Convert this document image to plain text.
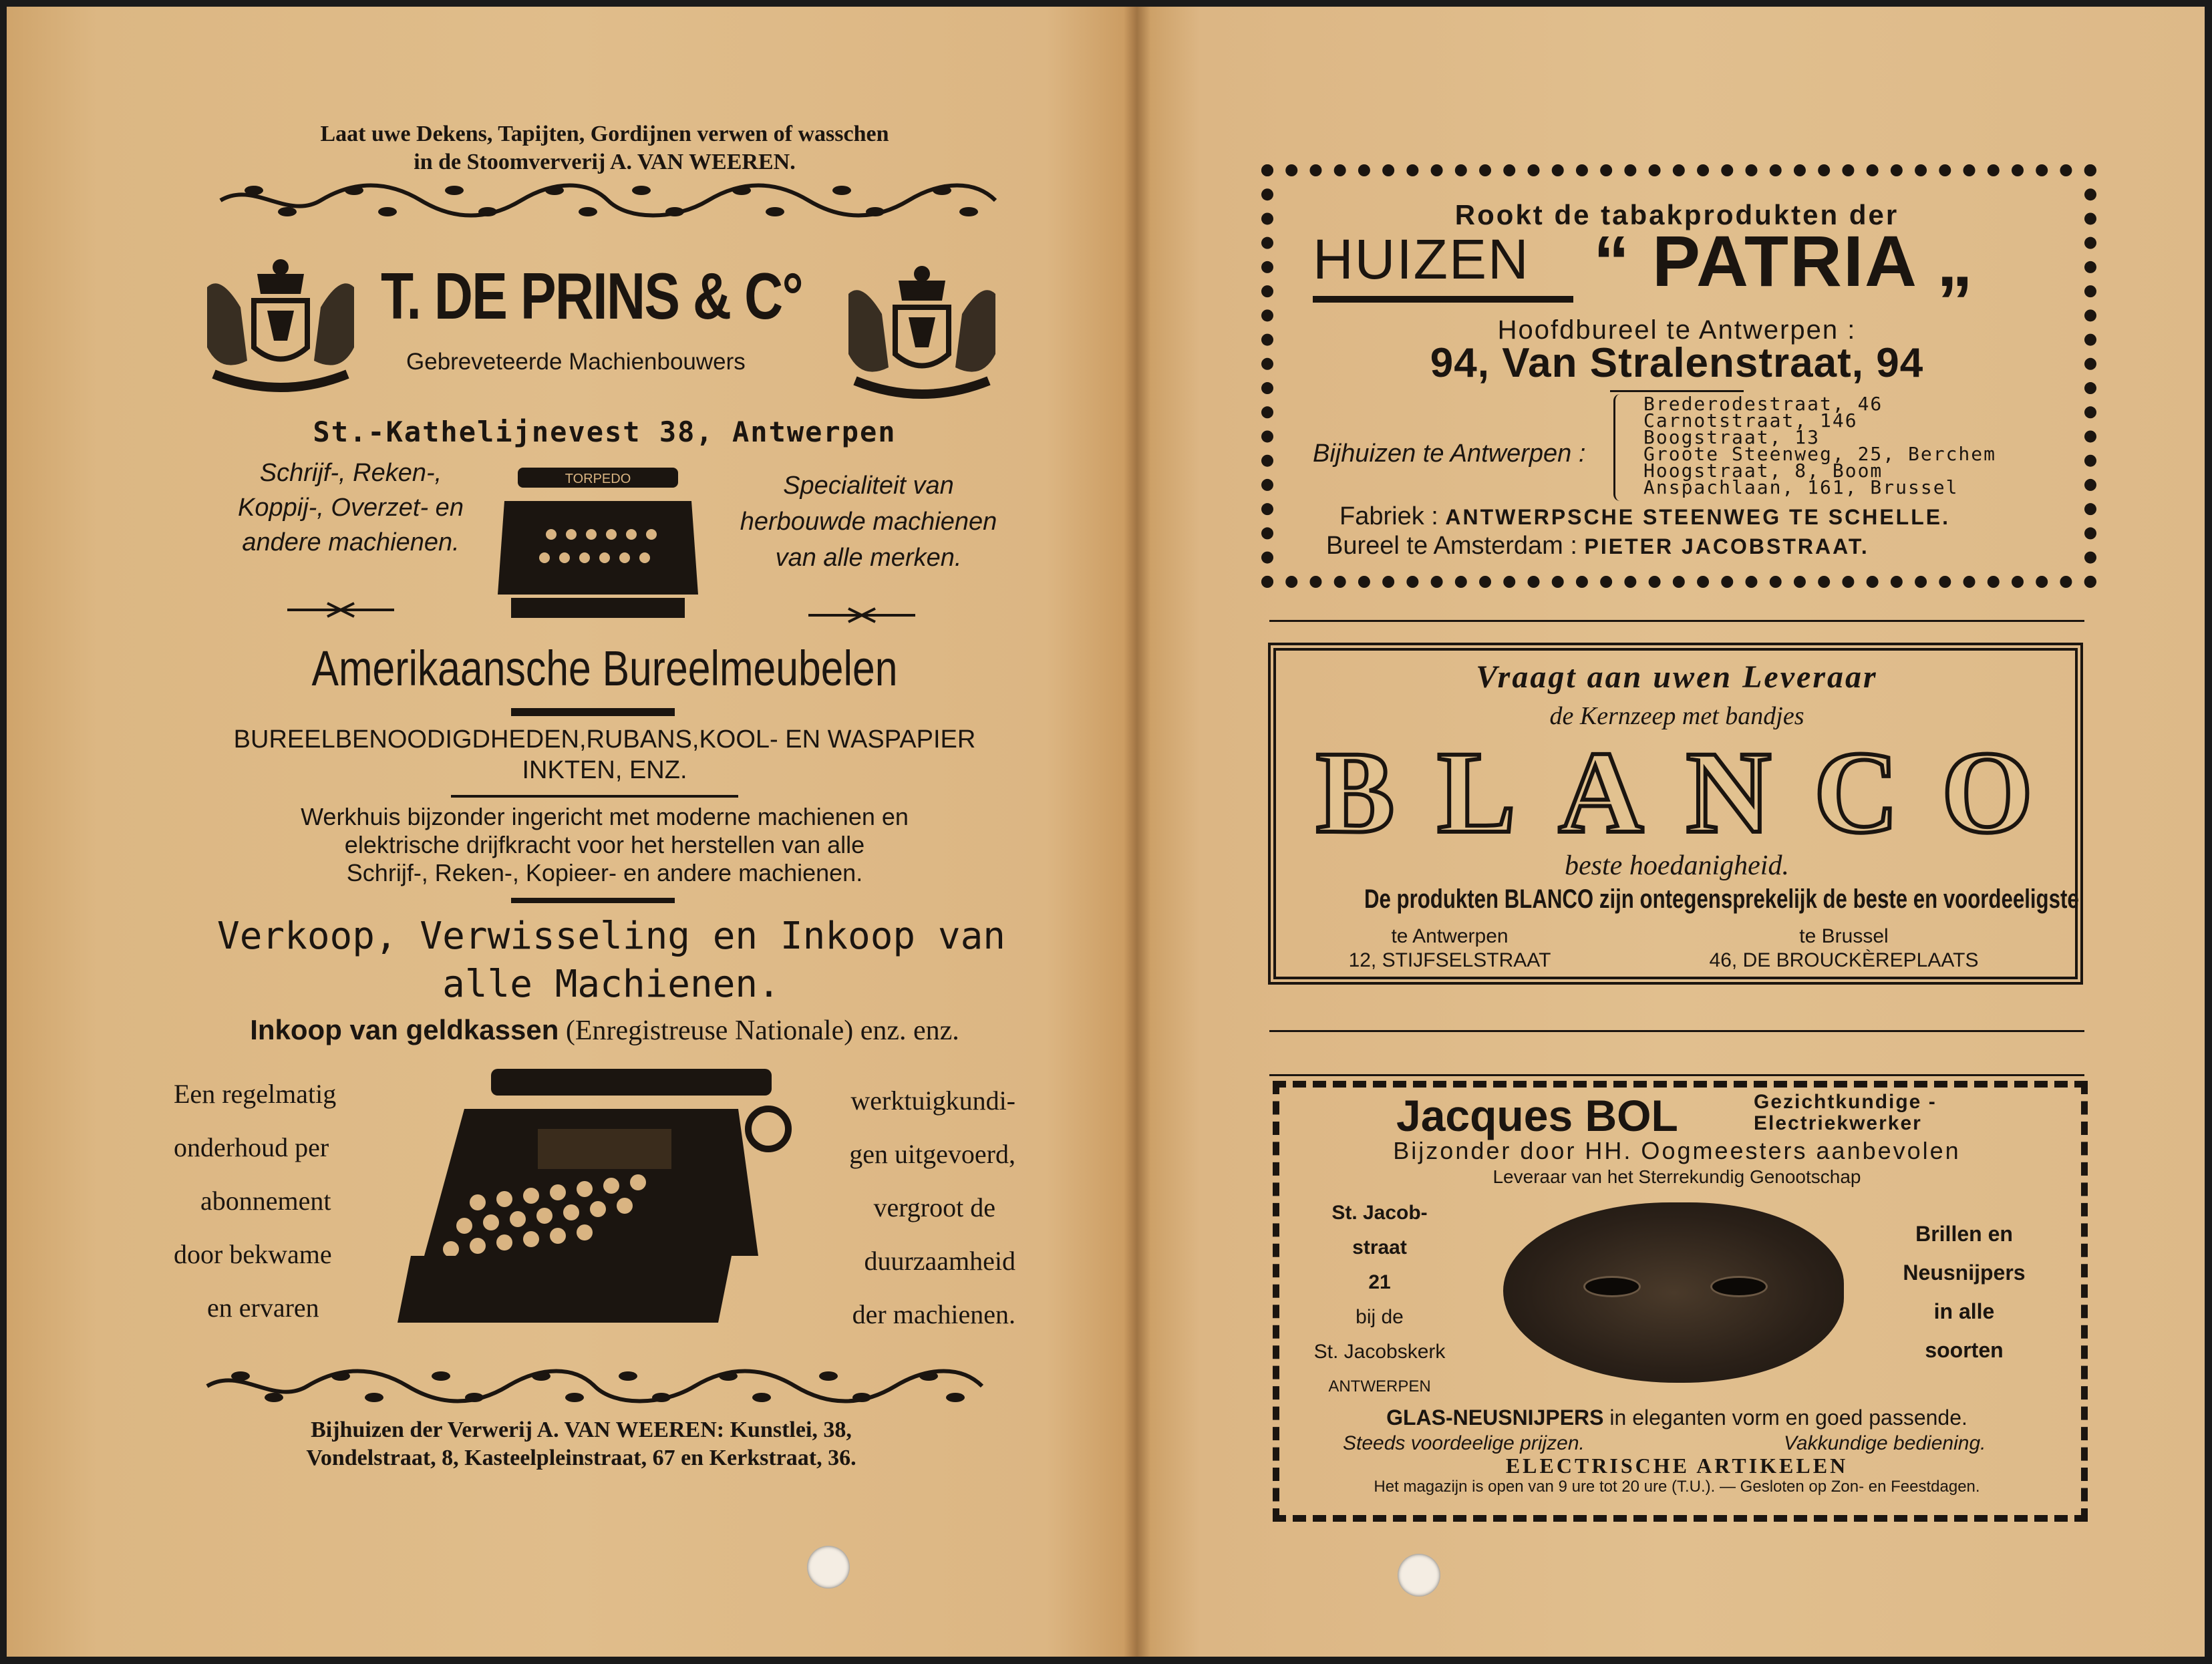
Laat uwe Dekens, Tapijten, Gordijnen verwen of wasschen
in de Stoomververij A. VAN WEEREN.
T. DE PRINS & C°
Gebreveteerde Machienbouwers
St.-Kathelijnevest 38, Antwerpen
Schrijf-, Reken-,
Koppij-, Overzet- en
andere machienen.
Specialiteit van
herbouwde machienen
van alle merken.
TORPEDO
Amerikaansche Bureelmeubelen
BUREELBENOODIGDHEDEN,RUBANS,KOOL- EN WASPAPIER
INKTEN, ENZ.
Werkhuis bijzonder ingericht met moderne machienen en
elektrische drijfkracht voor het herstellen van alle
Schrijf-, Reken-, Kopieer- en andere machienen.
Verkoop, Verwisseling en Inkoop van
alle Machienen.
Inkoop van geldkassen (Enregistreuse Nationale) enz. enz.
Een regelmatig
onderhoud per
abonnement
door bekwame
en ervaren
werktuigkundi-
gen uitgevoerd,
vergroot de
duurzaamheid
der machienen.
Bijhuizen der Verwerij A. VAN WEEREN: Kunstlei, 38,
Vondelstraat, 8, Kasteelpleinstraat, 67 en Kerkstraat, 36.
Rookt de tabakprodukten der
HUIZEN “ PATRIA „
Hoofdbureel te Antwerpen :
94, Van Stralenstraat, 94
Bijhuizen te Antwerpen :
Brederodestraat, 46
Carnotstraat, 146
Boogstraat, 13
Groote Steenweg, 25, Berchem
Hoogstraat, 8, Boom
Anspachlaan, 161, Brussel
Fabriek : ANTWERPSCHE STEENWEG TE SCHELLE.
Bureel te Amsterdam : PIETER JACOBSTRAAT.
Vraagt aan uwen Leveraar
de Kernzeep met bandjes
BLANCO
beste hoedanigheid.
De produkten BLANCO zijn ontegensprekelijk de beste en voordeeligste
te Antwerpen
12, STIJFSELSTRAAT
te Brussel
46, DE BROUCKÈREPLAATS
Jacques BOL	Gezichtkundige -
Electriekwerker
Bijzonder door HH. Oogmeesters aanbevolen
Leveraar van het Sterrekundig Genootschap
St. Jacob-
straat
21
bij de
St. Jacobskerk
ANTWERPEN
Brillen en
Neusnijpers
in alle
soorten
GLAS-NEUSNIJPERS in eleganten vorm en goed passende.
Steeds voordeelige prijzen.	Vakkundige bediening.
ELECTRISCHE ARTIKELEN
Het magazijn is open van 9 ure tot 20 ure (T.U.). — Gesloten op Zon- en Feestdagen.
